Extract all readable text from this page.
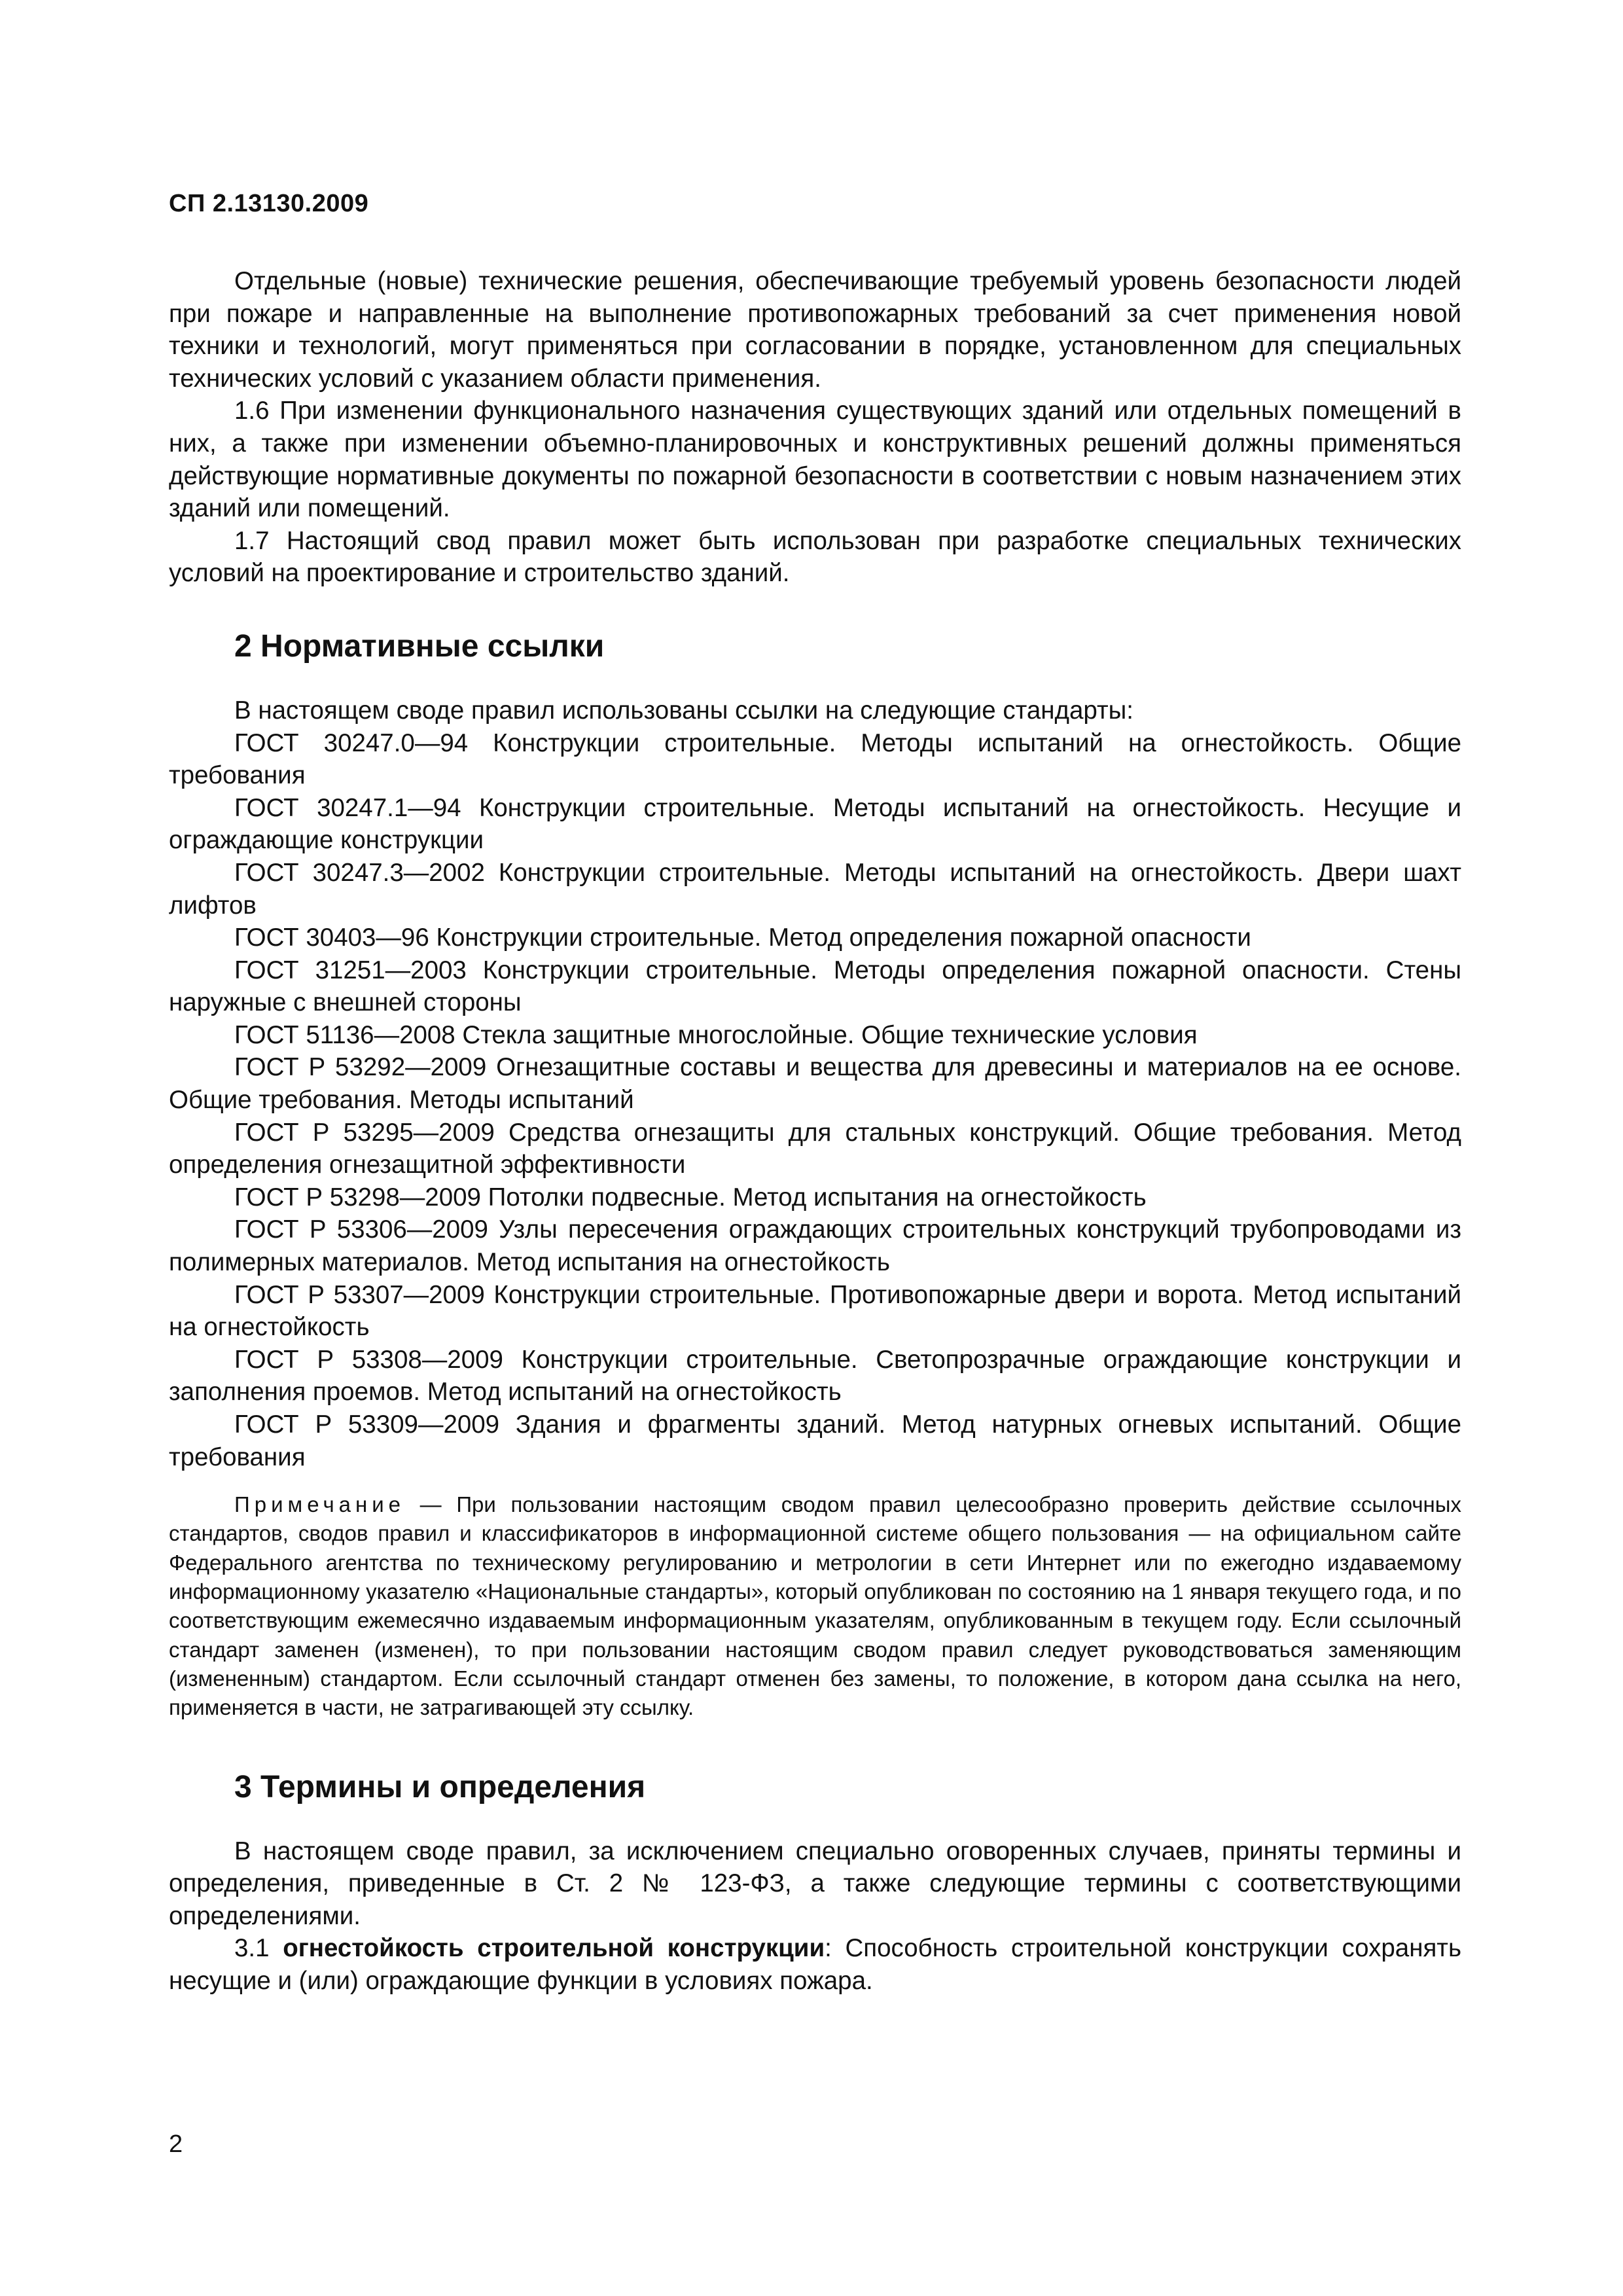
СП 2.13130.2009

Отдельные (новые) технические решения, обеспечивающие требуемый уровень безопасности людей при пожаре и направленные на выполнение противопожарных требований за счет применения новой техники и технологий, могут применяться при согласовании в порядке, установленном для специальных технических условий с указанием области применения.

1.6 При изменении функционального назначения существующих зданий или отдельных помещений в них, а также при изменении объемно-планировочных и конструктивных решений должны применяться действующие нормативные документы по пожарной безопасности в соответствии с новым назначением этих зданий или помещений.

1.7 Настоящий свод правил может быть использован при разработке специальных технических условий на проектирование и строительство зданий.

2 Нормативные ссылки

В настоящем своде правил использованы ссылки на следующие стандарты:

ГОСТ 30247.0—94 Конструкции строительные. Методы испытаний на огнестойкость. Общие требования

ГОСТ 30247.1—94 Конструкции строительные. Методы испытаний на огнестойкость. Несущие и ограждающие конструкции

ГОСТ 30247.3—2002 Конструкции строительные. Методы испытаний на огнестойкость. Двери шахт лифтов

ГОСТ 30403—96 Конструкции строительные. Метод определения пожарной опасности

ГОСТ 31251—2003 Конструкции строительные. Методы определения пожарной опасности. Стены наружные с внешней стороны

ГОСТ 51136—2008 Стекла защитные многослойные. Общие технические условия

ГОСТ Р 53292—2009 Огнезащитные составы и вещества для древесины и материалов на ее основе. Общие требования. Методы испытаний

ГОСТ Р 53295—2009 Средства огнезащиты для стальных конструкций. Общие требования. Метод определения огнезащитной эффективности

ГОСТ Р 53298—2009 Потолки подвесные. Метод испытания на огнестойкость

ГОСТ Р 53306—2009 Узлы пересечения ограждающих строительных конструкций трубопроводами из полимерных материалов. Метод испытания на огнестойкость

ГОСТ Р 53307—2009 Конструкции строительные. Противопожарные двери и ворота. Метод испытаний на огнестойкость

ГОСТ Р 53308—2009 Конструкции строительные. Светопрозрачные ограждающие конструкции и заполнения проемов. Метод испытаний на огнестойкость

ГОСТ Р 53309—2009 Здания и фрагменты зданий. Метод натурных огневых испытаний. Общие требования

Примечание — При пользовании настоящим сводом правил целесообразно проверить действие ссылочных стандартов, сводов правил и классификаторов в информационной системе общего пользования — на официальном сайте Федерального агентства по техническому регулированию и метрологии в сети Интернет или по ежегодно издаваемому информационному указателю «Национальные стандарты», который опубликован по состоянию на 1 января текущего года, и по соответствующим ежемесячно издаваемым информационным указателям, опубликованным в текущем году. Если ссылочный стандарт заменен (изменен), то при пользовании настоящим сводом правил следует руководствоваться заменяющим (измененным) стандартом. Если ссылочный стандарт отменен без замены, то положение, в котором дана ссылка на него, применяется в части, не затрагивающей эту ссылку.

3 Термины и определения

В настоящем своде правил, за исключением специально оговоренных случаев, приняты термины и определения, приведенные в Ст. 2 № 123-ФЗ, а также следующие термины с соответствующими определениями.

3.1 огнестойкость строительной конструкции: Способность строительной конструкции сохранять несущие и (или) ограждающие функции в условиях пожара.

2
